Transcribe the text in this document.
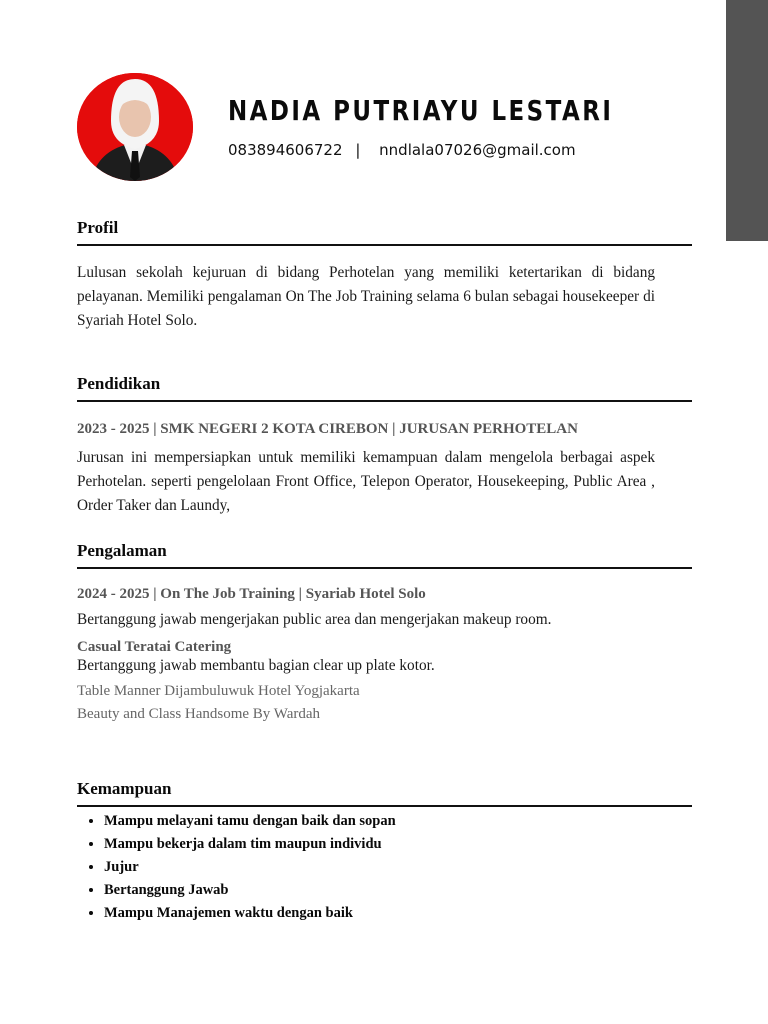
NADIA PUTRIAYU LESTARI
083894606722 | nndlala07026@gmail.com
Profil

Lulusan sekolah kejuruan di bidang Perhotelan yang memiliki ketertarikan di bidang pelayanan. Memiliki pengalaman On The Job Training selama 6 bulan sebagai housekeeper di Syariah Hotel Solo.

Pendidikan

2023 - 2025 | SMK NEGERI 2 KOTA CIREBON | JURUSAN PERHOTELAN

Jurusan ini mempersiapkan untuk memiliki kemampuan dalam mengelola berbagai aspek Perhotelan. seperti pengelolaan Front Office, Telepon Operator, Housekeeping, Public Area , Order Taker dan Laundy,

Pengalaman

2024 - 2025 | On The Job Training | Syariab Hotel Solo

Bertanggung jawab mengerjakan public area dan mengerjakan makeup room.

Casual Teratai Catering

Bertanggung jawab membantu bagian clear up plate kotor.

Table Manner Dijambuluwuk Hotel Yogjakarta

Beauty and Class Handsome By Wardah

Kemampuan
• Mampu melayani tamu dengan baik dan sopan
• Mampu bekerja dalam tim maupun individu
• Jujur
• Bertanggung Jawab
• Mampu Manajemen waktu dengan baik
